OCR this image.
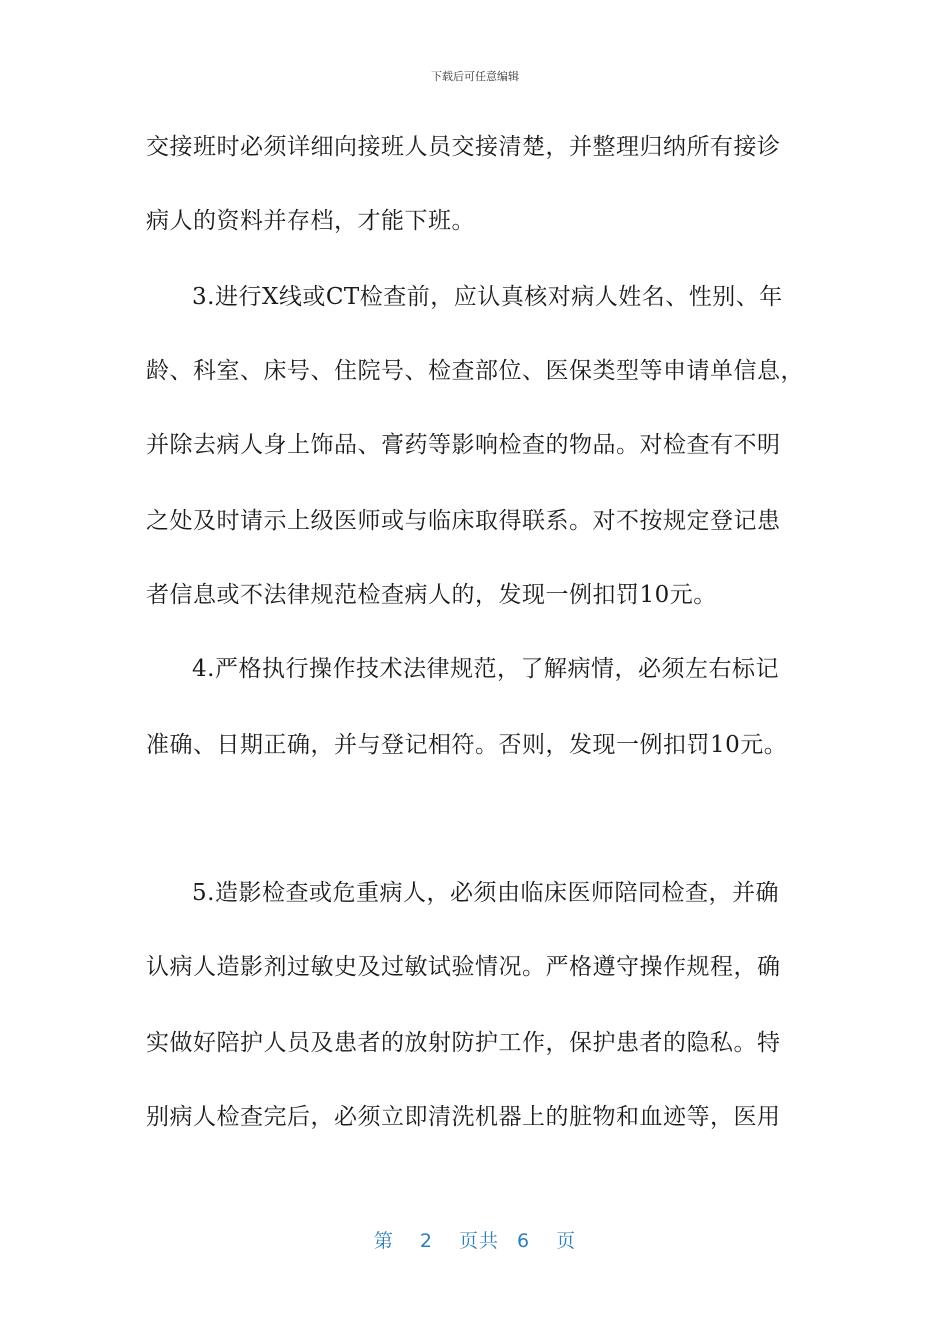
下载后可任意编辑
交接班时必须详细向接班人员交接清楚，并整理归纳所有接诊
病人的资料并存档，才能下班。
3.进行X线或CT检查前，应认真核对病人姓名、性别、年
龄、科室、床号、住院号、检查部位、医保类型等申请单信息，
并除去病人身上饰品、膏药等影响检查的物品。对检查有不明
之处及时请示上级医师或与临床取得联系。对不按规定登记患
者信息或不法律规范检查病人的，发现一例扣罚10元。
4.严格执行操作技术法律规范，了解病情，必须左右标记
准确、日期正确，并与登记相符。否则，发现一例扣罚10元。
5.造影检查或危重病人，必须由临床医师陪同检查，并确
认病人造影剂过敏史及过敏试验情况。严格遵守操作规程，确
实做好陪护人员及患者的放射防护工作，保护患者的隐私。特
别病人检查完后，必须立即清洗机器上的脏物和血迹等，医用
第 2 页共 6 页
